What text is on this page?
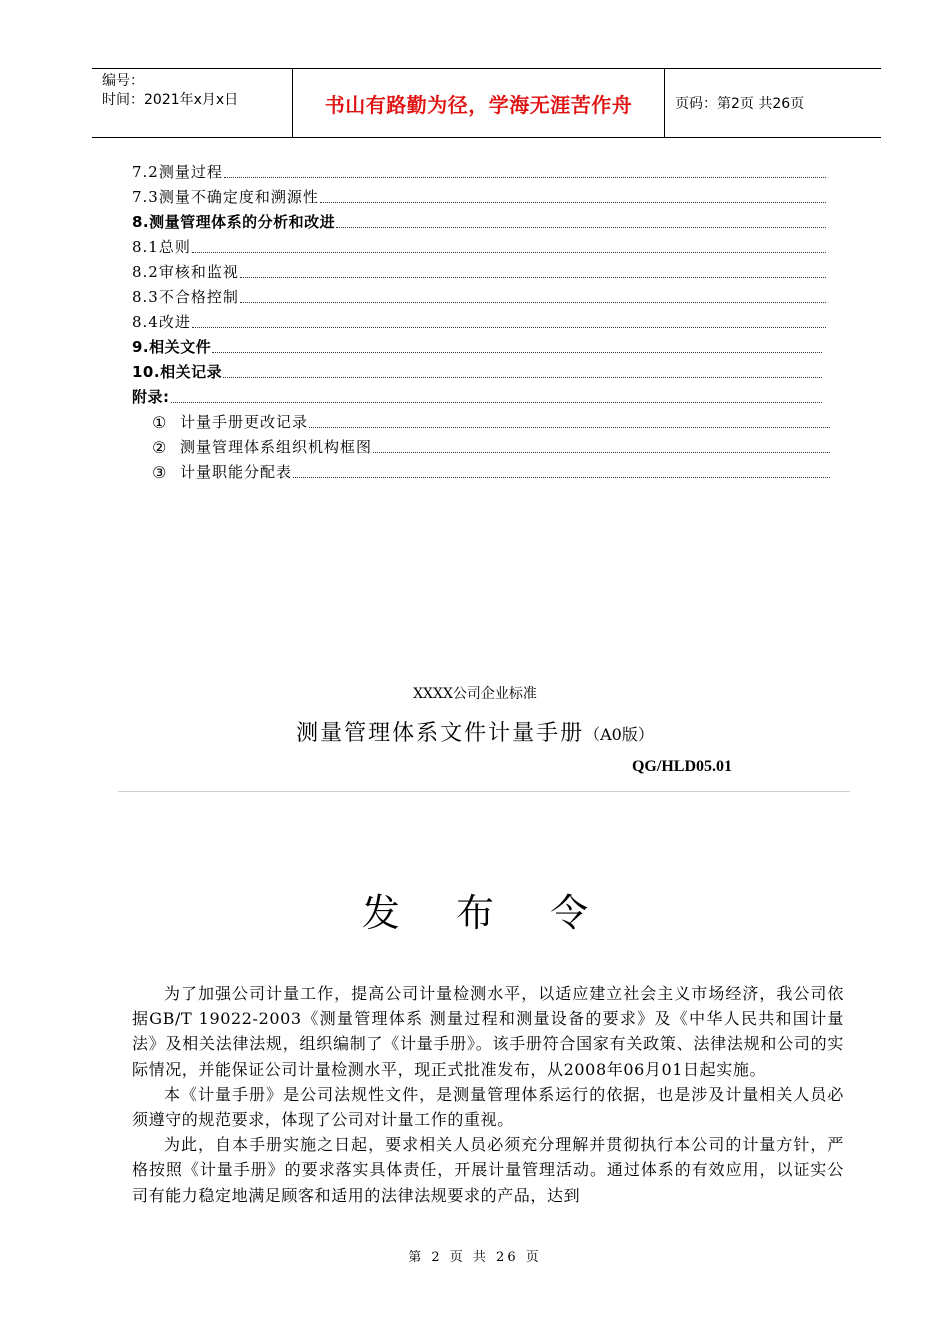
编号：
时间：2021年x月x日	书山有路勤为径，学海无涯苦作舟	页码：第2页 共26页
7.2测量过程
7.3测量不确定度和溯源性
8.测量管理体系的分析和改进
8.1总则
8.2审核和监视
8.3不合格控制
8.4改进
9.相关文件
10.相关记录
附录:
① 计量手册更改记录
② 测量管理体系组织机构框图
③ 计量职能分配表
XXXX公司企业标准
测量管理体系文件计量手册（A0版）
QG/HLD05.01
发 布 令

为了加强公司计量工作，提高公司计量检测水平，以适应建立社会主义市场经济，我公司依据GB/T 19022-2003《测量管理体系 测量过程和测量设备的要求》及《中华人民共和国计量法》及相关法律法规，组织编制了《计量手册》。该手册符合国家有关政策、法律法规和公司的实际情况，并能保证公司计量检测水平，现正式批准发布，从2008年06月01日起实施。

本《计量手册》是公司法规性文件，是测量管理体系运行的依据，也是涉及计量相关人员必须遵守的规范要求，体现了公司对计量工作的重视。

为此，自本手册实施之日起，要求相关人员必须充分理解并贯彻执行本公司的计量方针，严格按照《计量手册》的要求落实具体责任，开展计量管理活动。通过体系的有效应用，以证实公司有能力稳定地满足顾客和适用的法律法规要求的产品，达到

第 2 页 共 26 页
